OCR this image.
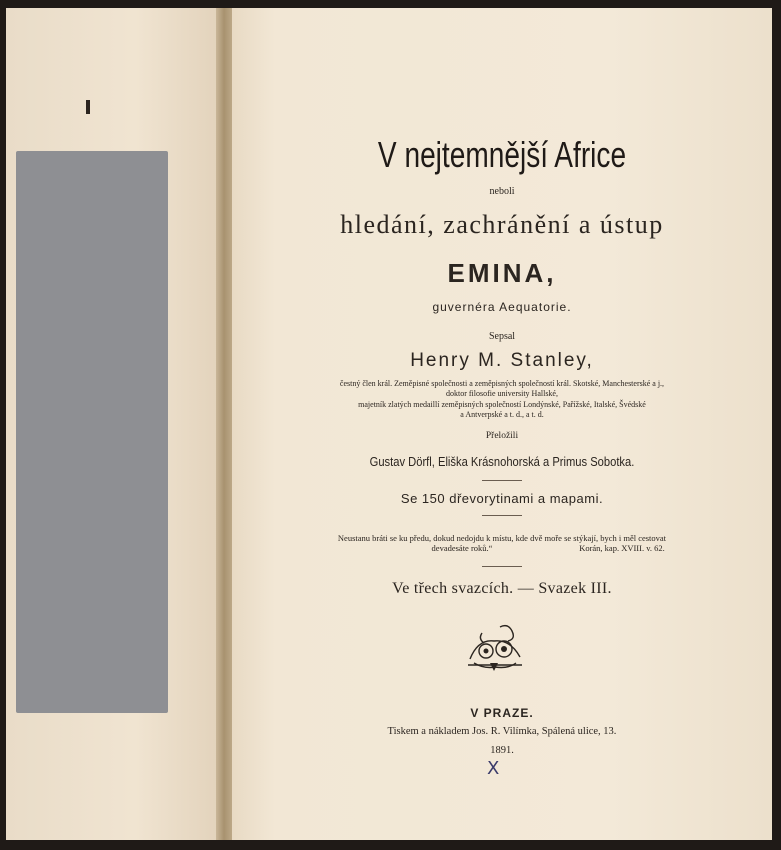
V nejtemnější Africe
neboli
hledání, zachránění a ústup
EMINA,
guvernéra Aequatorie.
Sepsal
Henry M. Stanley,
čestný člen král. Zeměpisné společnosti a zeměpisných společností král. Skotské, Manchesterské a j.,
doktor filosofie university Hallské,
majetník zlatých medaillí zeměpisných společností Londýnské, Pařížské, Italské, Švédské
a Antverpské a t. d., a t. d.
Přeložili
Gustav Dörfl, Eliška Krásnohorská a Primus Sobotka.
Se 150 dřevorytinami a mapami.
Neustanu bráti se ku předu, dokud nedojdu k místu, kde dvě moře se stýkají, bych i měl cestovat
devadesáte roků.“	Korán, kap. XVIII. v. 62.
Ve třech svazcích. — Svazek III.
V PRAZE.
Tiskem a nákladem Jos. R. Vilímka, Spálená ulice, 13.
1891.
X
